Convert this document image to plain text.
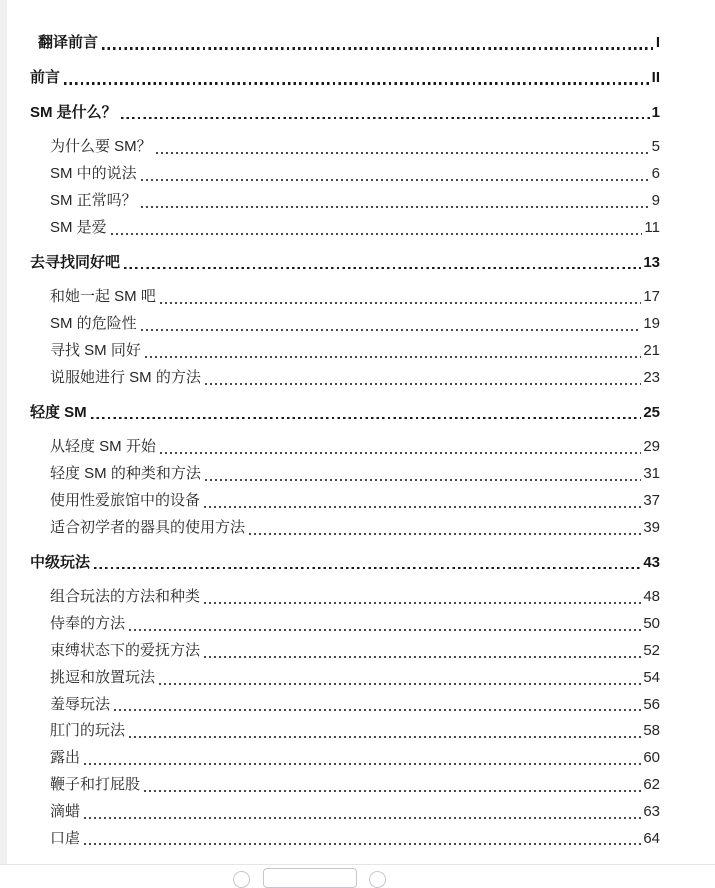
翻译前言	I
前言	II
SM 是什么？	1
为什么要 SM？	5
SM 中的说法	6
SM 正常吗？	9
SM 是爱	11
去寻找同好吧	13
和她一起 SM 吧	17
SM 的危险性	19
寻找 SM 同好	21
说服她进行 SM 的方法	23
轻度 SM	25
从轻度 SM 开始	29
轻度 SM 的种类和方法	31
使用性爱旅馆中的设备	37
适合初学者的器具的使用方法	39
中级玩法	43
组合玩法的方法和种类	48
侍奉的方法	50
束缚状态下的爱抚方法	52
挑逗和放置玩法	54
羞辱玩法	56
肛门的玩法	58
露出	60
鞭子和打屁股	62
滴蜡	63
口虐	64
